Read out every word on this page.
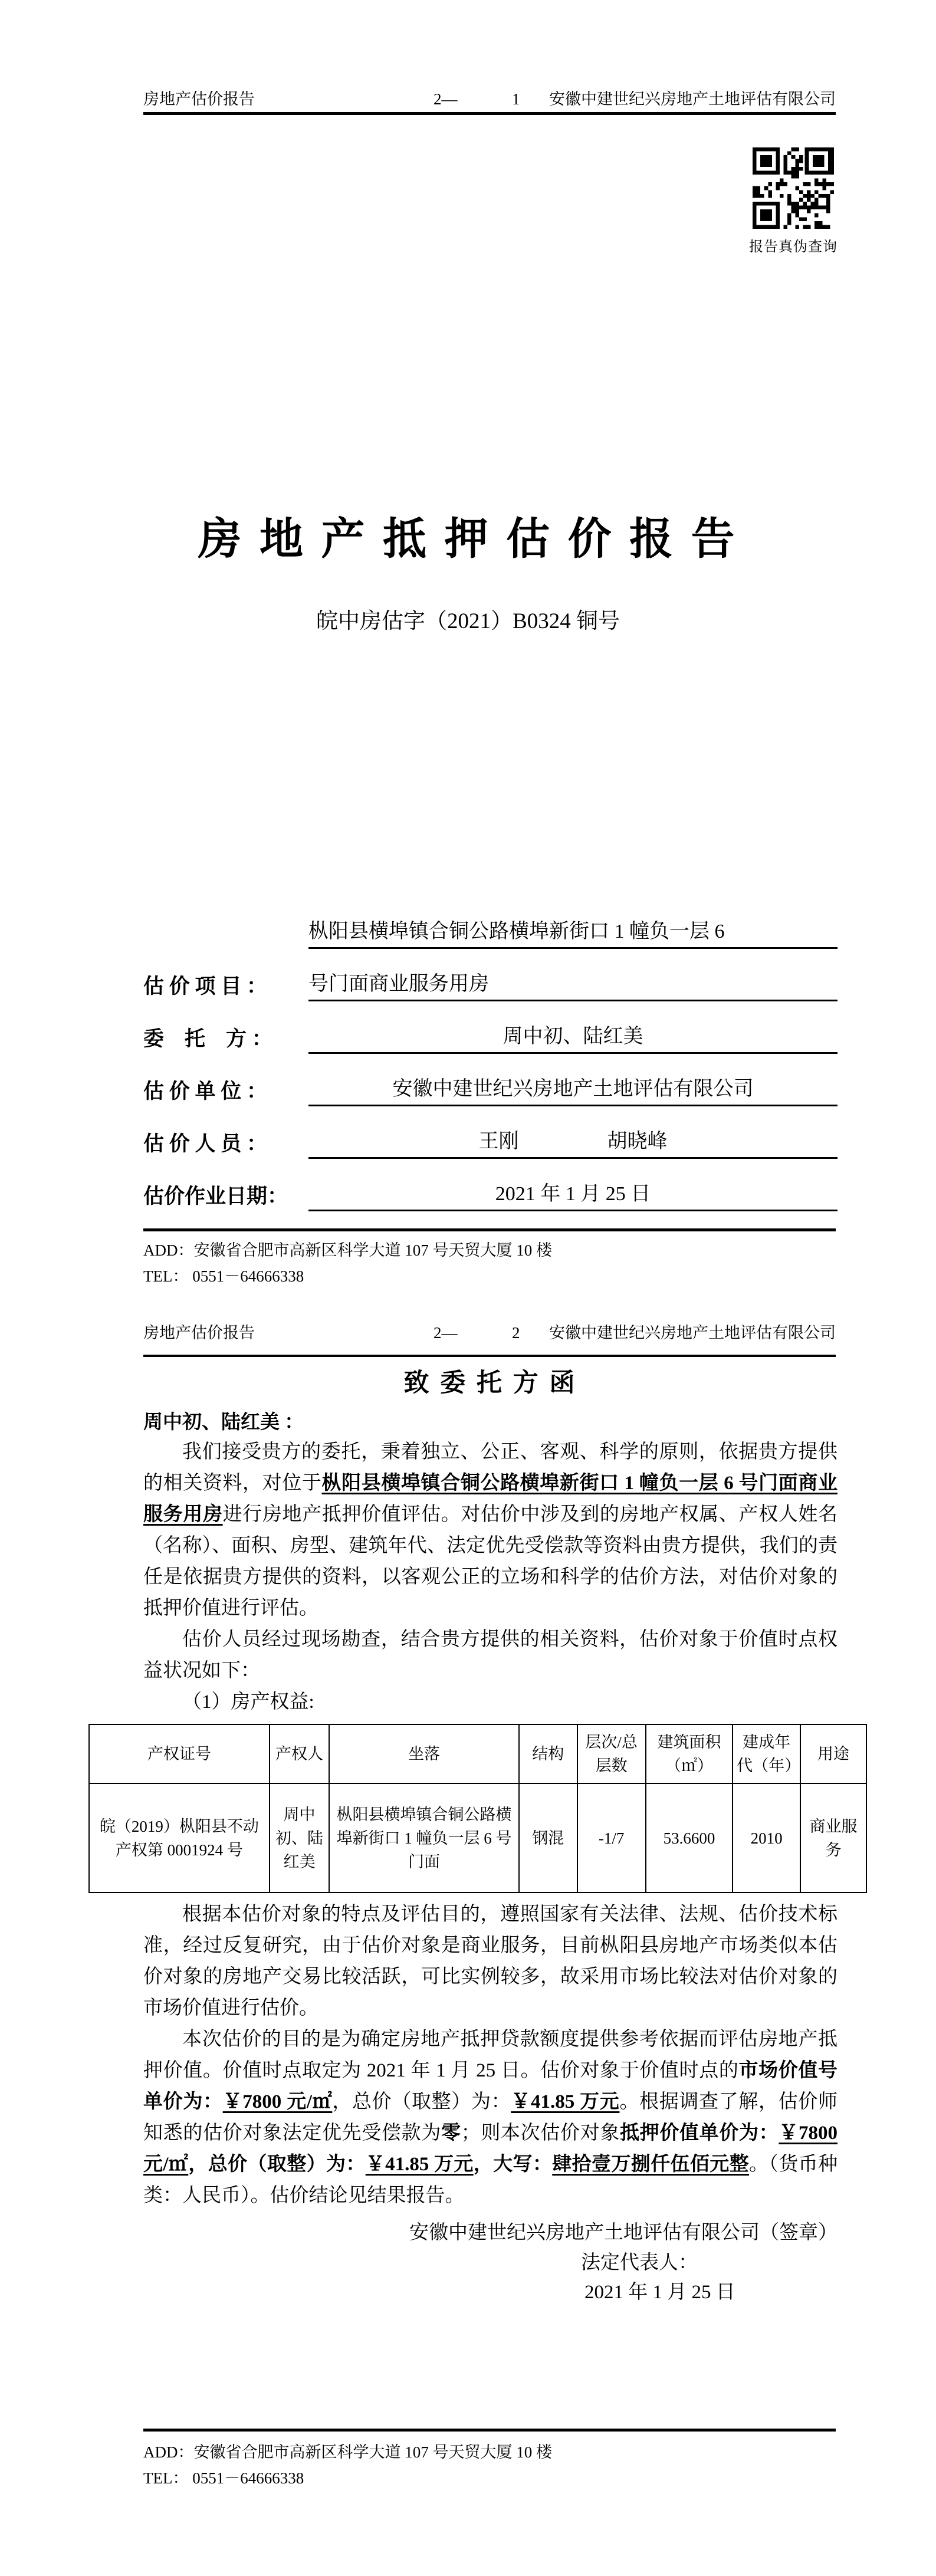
房地产估价报告	2—	1 安徽中建世纪兴房地产土地评估有限公司
报告真伪查询
房 地 产 抵 押 估 价 报 告
皖中房估字（2021）B0324 铜号
估 价 项 目 ：
枞阳县横埠镇合铜公路横埠新街口 1 幢负一层 6
号门面商业服务用房
委　托　方 ：	周中初、陆红美
估 价 单 位 ：	安徽中建世纪兴房地产土地评估有限公司
估 价 人 员 ：	王刚	胡晓峰
估价作业日期：	2021 年 1 月 25 日
ADD：安徽省合肥市高新区科学大道 107 号天贸大厦 10 楼
TEL： 0551－64666338
房地产估价报告	2—	2 安徽中建世纪兴房地产土地评估有限公司
致 委 托 方 函
周中初、陆红美 ：
我们接受贵方的委托，秉着独立、公正、客观、科学的原则，依据贵方提供的相关资料，对位于枞阳县横埠镇合铜公路横埠新街口 1 幢负一层 6 号门面商业服务用房进行房地产抵押价值评估。对估价中涉及到的房地产权属、产权人姓名（名称）、面积、房型、建筑年代、法定优先受偿款等资料由贵方提供，我们的责任是依据贵方提供的资料，以客观公正的立场和科学的估价方法，对估价对象的抵押价值进行评估。
估价人员经过现场勘查，结合贵方提供的相关资料，估价对象于价值时点权益状况如下：
（1）房产权益:
产权证号	产权人	坐落	结构	层次/总层数	建筑面积（㎡）	建成年代（年）	用途
皖（2019）枞阳县不动产权第 0001924 号	周中初、陆红美	枞阳县横埠镇合铜公路横埠新街口 1 幢负一层 6 号门面	钢混	-1/7	53.6600	2010	商业服务
根据本估价对象的特点及评估目的，遵照国家有关法律、法规、估价技术标准，经过反复研究，由于估价对象是商业服务，目前枞阳县房地产市场类似本估价对象的房地产交易比较活跃，可比实例较多，故采用市场比较法对估价对象的市场价值进行估价。
本次估价的目的是为确定房地产抵押贷款额度提供参考依据而评估房地产抵押价值。价值时点取定为 2021 年 1 月 25 日。估价对象于价值时点的市场价值号单价为：￥7800 元/㎡，总价（取整）为：￥41.85 万元。根据调查了解，估价师知悉的估价对象法定优先受偿款为零；则本次估价对象抵押价值单价为：￥7800 元/㎡，总价（取整）为：￥41.85 万元，大写：肆拾壹万捌仟伍佰元整。（货币种类：人民币）。估价结论见结果报告。
安徽中建世纪兴房地产土地评估有限公司（签章）
法定代表人：
2021 年 1 月 25 日
ADD：安徽省合肥市高新区科学大道 107 号天贸大厦 10 楼
TEL： 0551－64666338
